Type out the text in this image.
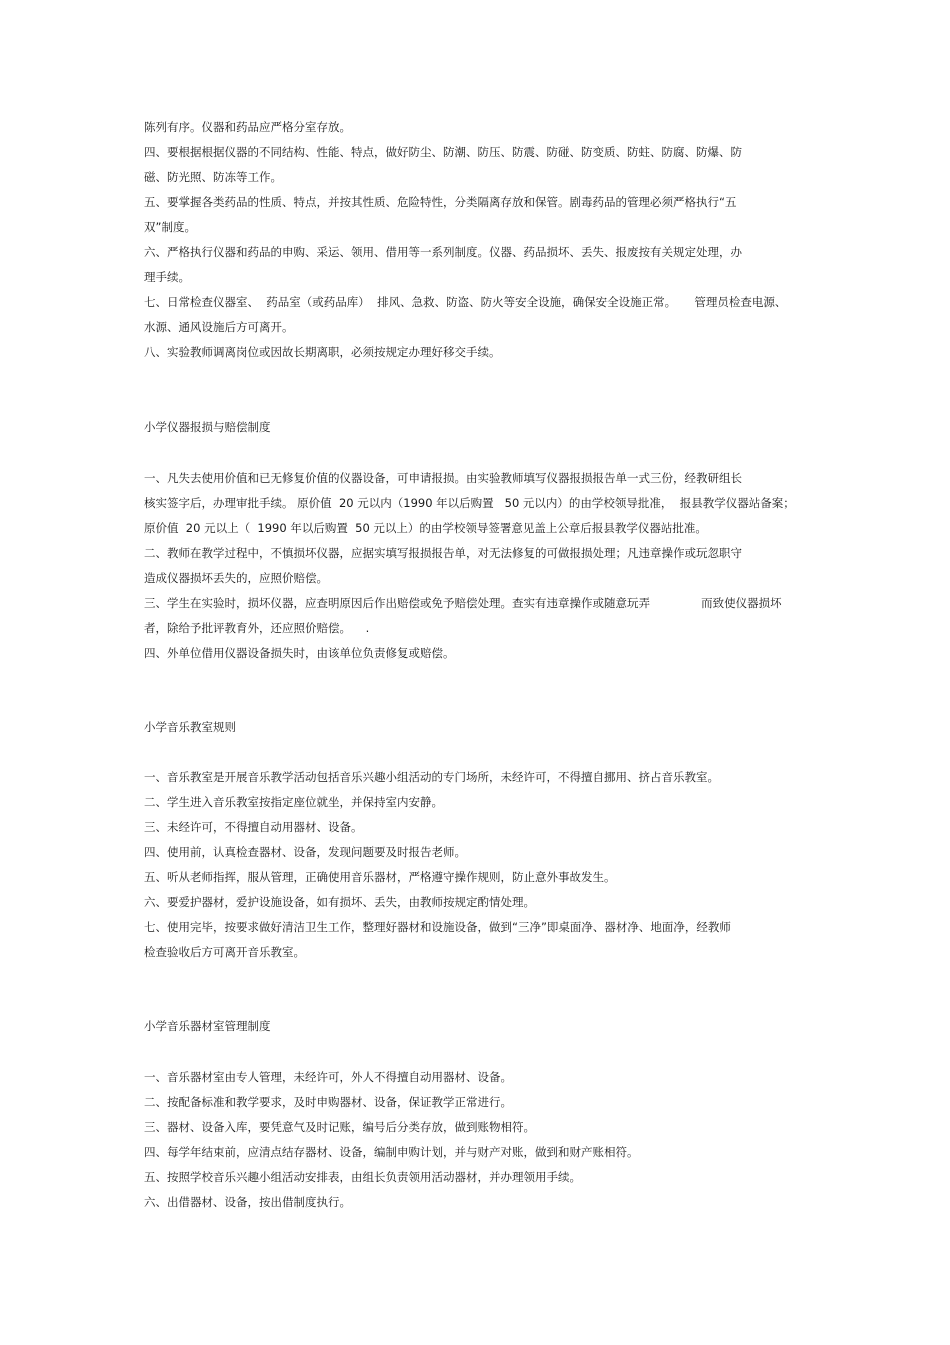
陈列有序。仪器和药品应严格分室存放。
四、要根据根据仪器的不同结构、性能、特点，做好防尘、防潮、防压、防震、防碰、防变质、防蛀、防腐、防爆、防
磁、防光照、防冻等工作。
五、要掌握各类药品的性质、特点，并按其性质、危险特性，分类隔离存放和保管。剧毒药品的管理必须严格执行“五
双”制度。
六、严格执行仪器和药品的申购、采运、领用、借用等一系列制度。仪器、药品损坏、丢失、报废按有关规定处理，办
理手续。
七、日常检查仪器室、  药品室（或药品库）  排风、急救、防盗、防火等安全设施，确保安全设施正常。     管理员检查电源、
水源、通风设施后方可离开。
八、实验教师调离岗位或因故长期离职，必须按规定办理好移交手续。
小学仪器报损与赔偿制度
一、凡失去使用价值和已无修复价值的仪器设备，可申请报损。由实验教师填写仪器报损报告单一式三份，经教研组长
核实签字后，办理审批手续。 原价值  20 元以内（1990 年以后购置   50 元以内）的由学校领导批准，  报县教学仪器站备案；
原价值  20 元以上（  1990 年以后购置  50 元以上）的由学校领导签署意见盖上公章后报县教学仪器站批准。
二、教师在教学过程中，不慎损坏仪器，应据实填写报损报告单，对无法修复的可做报损处理；凡违章操作或玩忽职守
造成仪器损坏丢失的，应照价赔偿。
三、学生在实验时，损坏仪器，应查明原因后作出赔偿或免予赔偿处理。查实有违章操作或随意玩弄              而致使仪器损坏
者，除给予批评教育外，还应照价赔偿。    .
四、外单位借用仪器设备损失时，由该单位负责修复或赔偿。
小学音乐教室规则
一、音乐教室是开展音乐教学活动包括音乐兴趣小组活动的专门场所，未经许可，不得擅自挪用、挤占音乐教室。
二、学生进入音乐教室按指定座位就坐，并保持室内安静。
三、未经许可，不得擅自动用器材、设备。
四、使用前，认真检查器材、设备，发现问题要及时报告老师。
五、听从老师指挥，服从管理，正确使用音乐器材，严格遵守操作规则，防止意外事故发生。
六、要爱护器材，爱护设施设备，如有损坏、丢失，由教师按规定酌情处理。
七、使用完毕，按要求做好清洁卫生工作，整理好器材和设施设备，做到“三净”即桌面净、器材净、地面净，经教师
检查验收后方可离开音乐教室。
小学音乐器材室管理制度
一、音乐器材室由专人管理，未经许可，外人不得擅自动用器材、设备。
二、按配备标准和教学要求，及时申购器材、设备，保证教学正常进行。
三、器材、设备入库，要凭意气及时记账，编号后分类存放，做到账物相符。
四、每学年结束前，应清点结存器材、设备，编制申购计划，并与财产对账，做到和财产账相符。
五、按照学校音乐兴趣小组活动安排表，由组长负责领用活动器材，并办理领用手续。
六、出借器材、设备，按出借制度执行。
